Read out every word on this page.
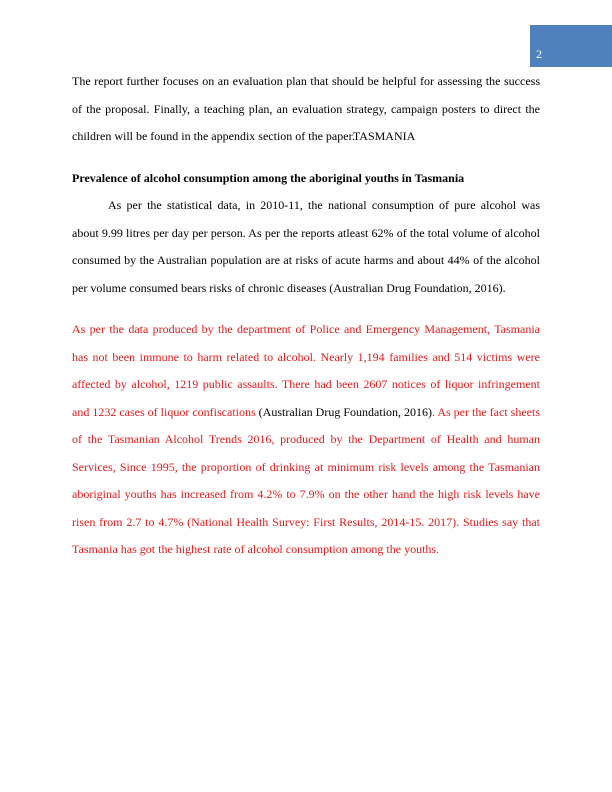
2

The report further focuses on an evaluation plan that should be helpful for assessing the success of the proposal. Finally, a teaching plan, an evaluation strategy, campaign posters to direct the children will be found in the appendix section of the paper.TASMANIA

Prevalence of alcohol consumption among the aboriginal youths in Tasmania

As per the statistical data, in 2010-11, the national consumption of pure alcohol was about 9.99 litres per day per person. As per the reports atleast 62% of the total volume of alcohol consumed by the Australian population are at risks of acute harms and about 44% of the alcohol per volume consumed bears risks of chronic diseases (Australian Drug Foundation, 2016).

As per the data produced by the department of Police and Emergency Management, Tasmania has not been immune to harm related to alcohol. Nearly 1,194 families and 514 victims were affected by alcohol, 1219 public assaults. There had been 2607 notices of liquor infringement and 1232 cases of liquor confiscations (Australian Drug Foundation, 2016). As per the fact sheets of the Tasmanian Alcohol Trends 2016, produced by the Department of Health and human Services, Since 1995, the proportion of drinking at minimum risk levels among the Tasmanian aboriginal youths has increased from 4.2% to 7.9% on the other hand the high risk levels have risen from 2.7 to 4.7% (National Health Survey: First Results, 2014-15. 2017). Studies say that Tasmania has got the highest rate of alcohol consumption among the youths.
